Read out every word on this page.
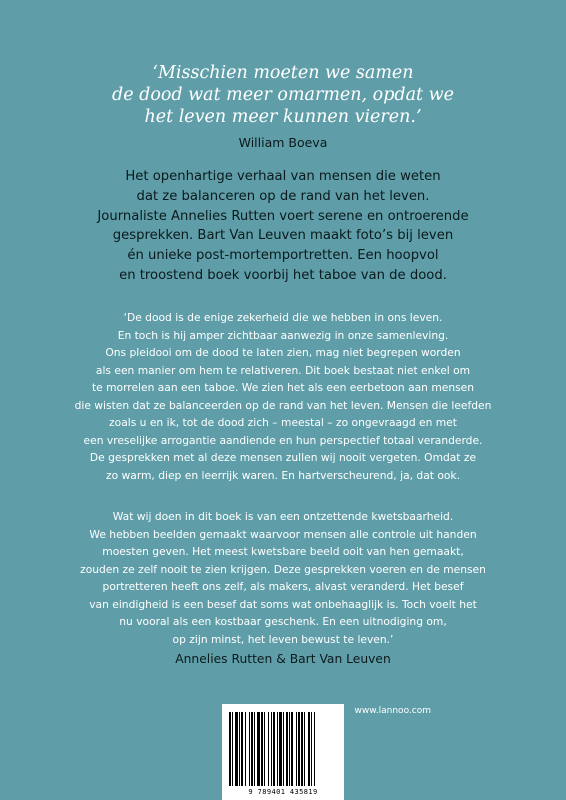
‘Misschien moeten we samen
de dood wat meer omarmen, opdat we
het leven meer kunnen vieren.’
William Boeva
Het openhartige verhaal van mensen die weten
dat ze balanceren op de rand van het leven.
Journaliste Annelies Rutten voert serene en ontroerende
gesprekken. Bart Van Leuven maakt foto’s bij leven
én unieke post-mortemportretten. Een hoopvol
en troostend boek voorbij het taboe van de dood.
‘De dood is de enige zekerheid die we hebben in ons leven.
En toch is hij amper zichtbaar aanwezig in onze samenleving.
Ons pleidooi om de dood te laten zien, mag niet begrepen worden
als een manier om hem te relativeren. Dit boek bestaat niet enkel om
te morrelen aan een taboe. We zien het als een eerbetoon aan mensen
die wisten dat ze balanceerden op de rand van het leven. Mensen die leefden
zoals u en ik, tot de dood zich – meestal – zo ongevraagd en met
een vreselijke arrogantie aandiende en hun perspectief totaal veranderde.
De gesprekken met al deze mensen zullen wij nooit vergeten. Omdat ze
zo warm, diep en leerrijk waren. En hartverscheurend, ja, dat ook.
Wat wij doen in dit boek is van een ontzettende kwetsbaarheid.
We hebben beelden gemaakt waarvoor mensen alle controle uit handen
moesten geven. Het meest kwetsbare beeld ooit van hen gemaakt,
zouden ze zelf nooit te zien krijgen. Deze gesprekken voeren en de mensen
portretteren heeft ons zelf, als makers, alvast veranderd. Het besef
van eindigheid is een besef dat soms wat onbehaaglijk is. Toch voelt het
nu vooral als een kostbaar geschenk. En een uitnodiging om,
op zijn minst, het leven bewust te leven.’
Annelies Rutten & Bart Van Leuven
9 789401 435819
www.lannoo.com
